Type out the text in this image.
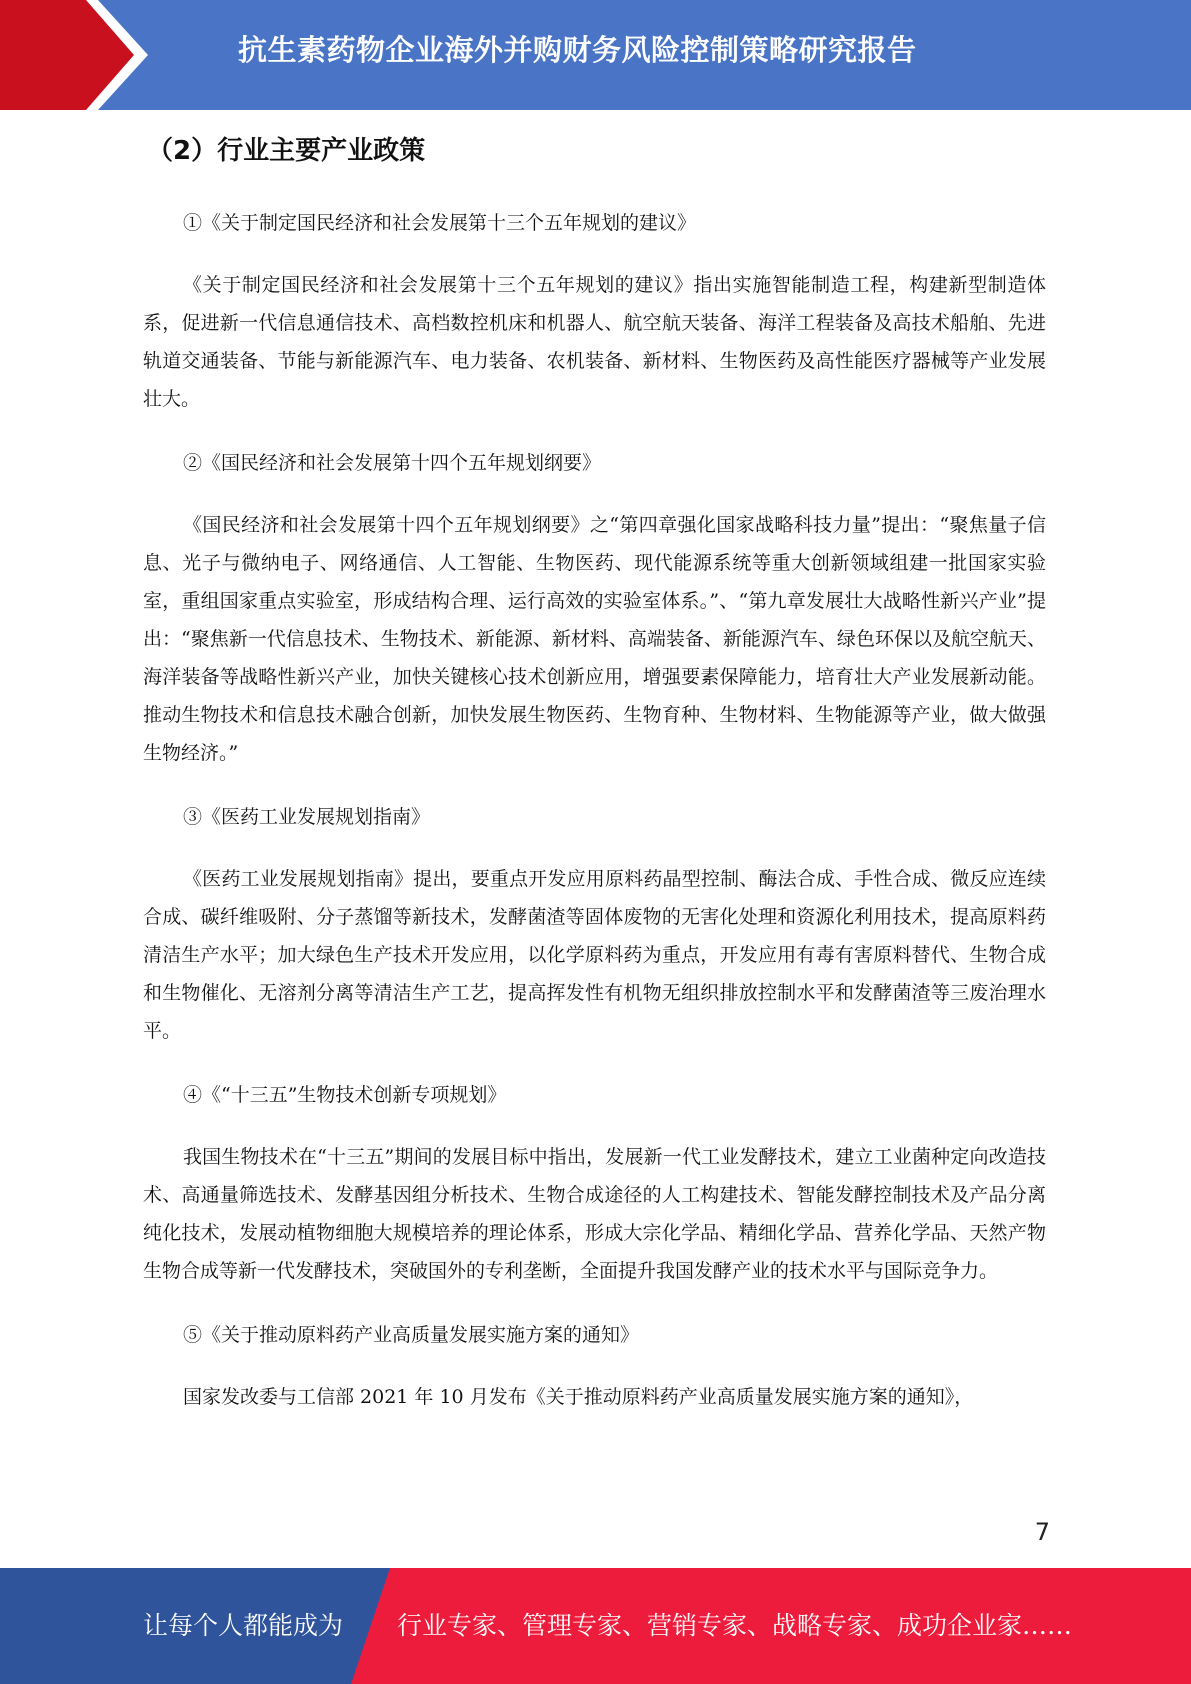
抗生素药物企业海外并购财务风险控制策略研究报告
（2）行业主要产业政策
①《关于制定国民经济和社会发展第十三个五年规划的建议》

《关于制定国民经济和社会发展第十三个五年规划的建议》指出实施智能制造工程，构建新型制造体系，促进新一代信息通信技术、高档数控机床和机器人、航空航天装备、海洋工程装备及高技术船舶、先进轨道交通装备、节能与新能源汽车、电力装备、农机装备、新材料、生物医药及高性能医疗器械等产业发展壮大。

②《国民经济和社会发展第十四个五年规划纲要》

《国民经济和社会发展第十四个五年规划纲要》之“第四章强化国家战略科技力量”提出：“聚焦量子信息、光子与微纳电子、网络通信、人工智能、生物医药、现代能源系统等重大创新领域组建一批国家实验室，重组国家重点实验室，形成结构合理、运行高效的实验室体系。”、“第九章发展壮大战略性新兴产业”提出：“聚焦新一代信息技术、生物技术、新能源、新材料、高端装备、新能源汽车、绿色环保以及航空航天、海洋装备等战略性新兴产业，加快关键核心技术创新应用，增强要素保障能力，培育壮大产业发展新动能。推动生物技术和信息技术融合创新，加快发展生物医药、生物育种、生物材料、生物能源等产业，做大做强生物经济。”

③《医药工业发展规划指南》

《医药工业发展规划指南》提出，要重点开发应用原料药晶型控制、酶法合成、手性合成、微反应连续合成、碳纤维吸附、分子蒸馏等新技术，发酵菌渣等固体废物的无害化处理和资源化利用技术，提高原料药清洁生产水平；加大绿色生产技术开发应用，以化学原料药为重点，开发应用有毒有害原料替代、生物合成和生物催化、无溶剂分离等清洁生产工艺，提高挥发性有机物无组织排放控制水平和发酵菌渣等三废治理水平。

④《“十三五”生物技术创新专项规划》

我国生物技术在“十三五”期间的发展目标中指出，发展新一代工业发酵技术，建立工业菌种定向改造技术、高通量筛选技术、发酵基因组分析技术、生物合成途径的人工构建技术、智能发酵控制技术及产品分离纯化技术，发展动植物细胞大规模培养的理论体系，形成大宗化学品、精细化学品、营养化学品、天然产物生物合成等新一代发酵技术，突破国外的专利垄断，全面提升我国发酵产业的技术水平与国际竞争力。

⑤《关于推动原料药产业高质量发展实施方案的通知》

国家发改委与工信部 2021 年 10 月发布《关于推动原料药产业高质量发展实施方案的通知》，

7
让每个人都能成为 行业专家、管理专家、营销专家、战略专家、成功企业家……
